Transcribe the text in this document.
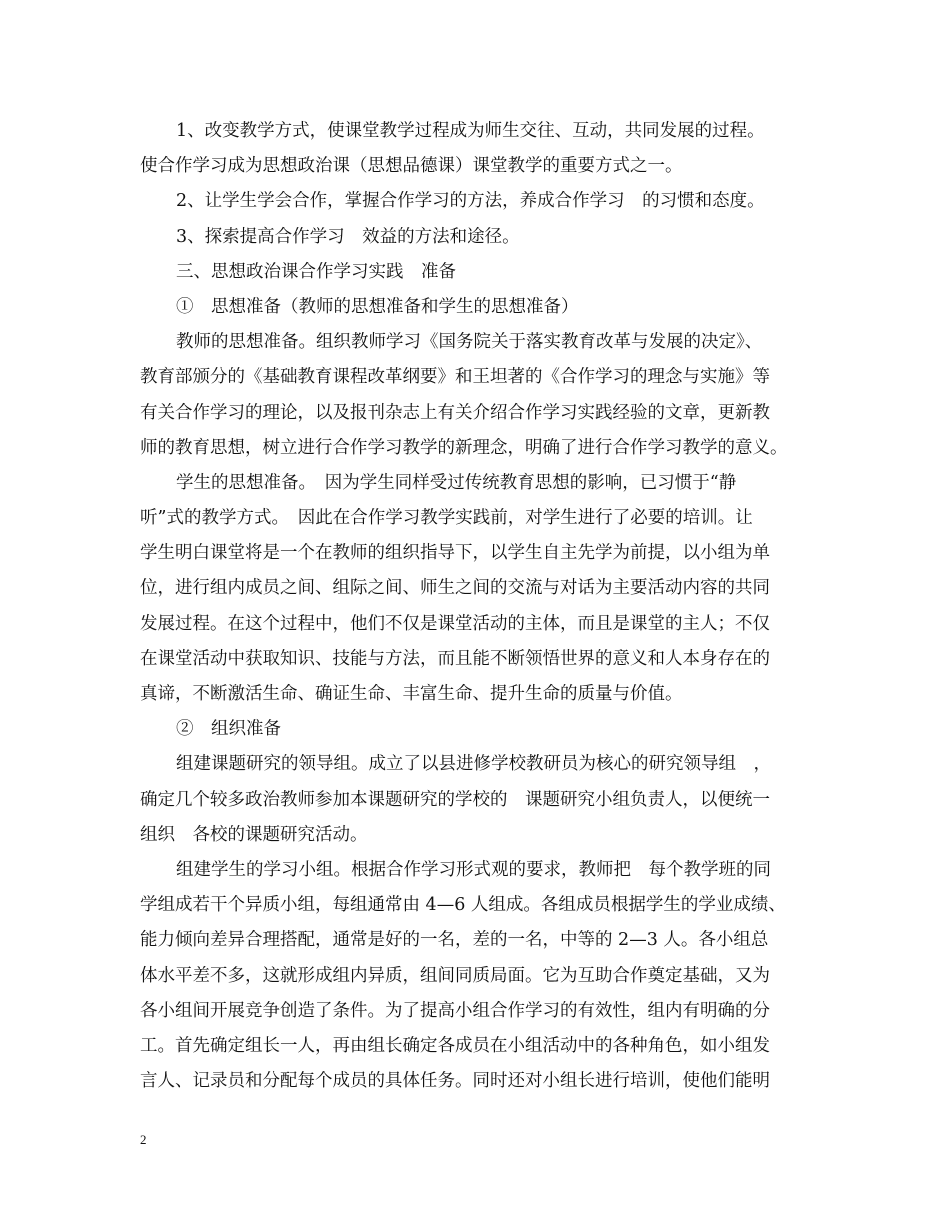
1、改变教学方式，使课堂教学过程成为师生交往、互动，共同发展的过程。
使合作学习成为思想政治课（思想品德课）课堂教学的重要方式之一。
2、让学生学会合作，掌握合作学习的方法，养成合作学习　的习惯和态度。
3、探索提高合作学习　效益的方法和途径。
三、思想政治课合作学习实践　准备
①　思想准备（教师的思想准备和学生的思想准备）
教师的思想准备。组织教师学习《国务院关于落实教育改革与发展的决定》、
教育部颁分的《基础教育课程改革纲要》和王坦著的《合作学习的理念与实施》等
有关合作学习的理论，以及报刊杂志上有关介绍合作学习实践经验的文章，更新教
师的教育思想，树立进行合作学习教学的新理念，明确了进行合作学习教学的意义。
学生的思想准备。　因为学生同样受过传统教育思想的影响，已习惯于“静
听”式的教学方式。　因此在合作学习教学实践前，对学生进行了必要的培训。让
学生明白课堂将是一个在教师的组织指导下，以学生自主先学为前提，以小组为单
位，进行组内成员之间、组际之间、师生之间的交流与对话为主要活动内容的共同
发展过程。在这个过程中，他们不仅是课堂活动的主体，而且是课堂的主人；不仅
在课堂活动中获取知识、技能与方法，而且能不断领悟世界的意义和人本身存在的
真谛，不断激活生命、确证生命、丰富生命、提升生命的质量与价值。
②　组织准备
组建课题研究的领导组。成立了以县进修学校教研员为核心的研究领导组　，
确定几个较多政治教师参加本课题研究的学校的　课题研究小组负责人，以便统一
组织　各校的课题研究活动。
组建学生的学习小组。根据合作学习形式观的要求，教师把　每个教学班的同
学组成若干个异质小组，每组通常由 4—6 人组成。各组成员根据学生的学业成绩、
能力倾向差异合理搭配，通常是好的一名，差的一名，中等的 2—3 人。各小组总
体水平差不多，这就形成组内异质，组间同质局面。它为互助合作奠定基础，又为
各小组间开展竞争创造了条件。为了提高小组合作学习的有效性，组内有明确的分
工。首先确定组长一人，再由组长确定各成员在小组活动中的各种角色，如小组发
言人、记录员和分配每个成员的具体任务。同时还对小组长进行培训，使他们能明
2
